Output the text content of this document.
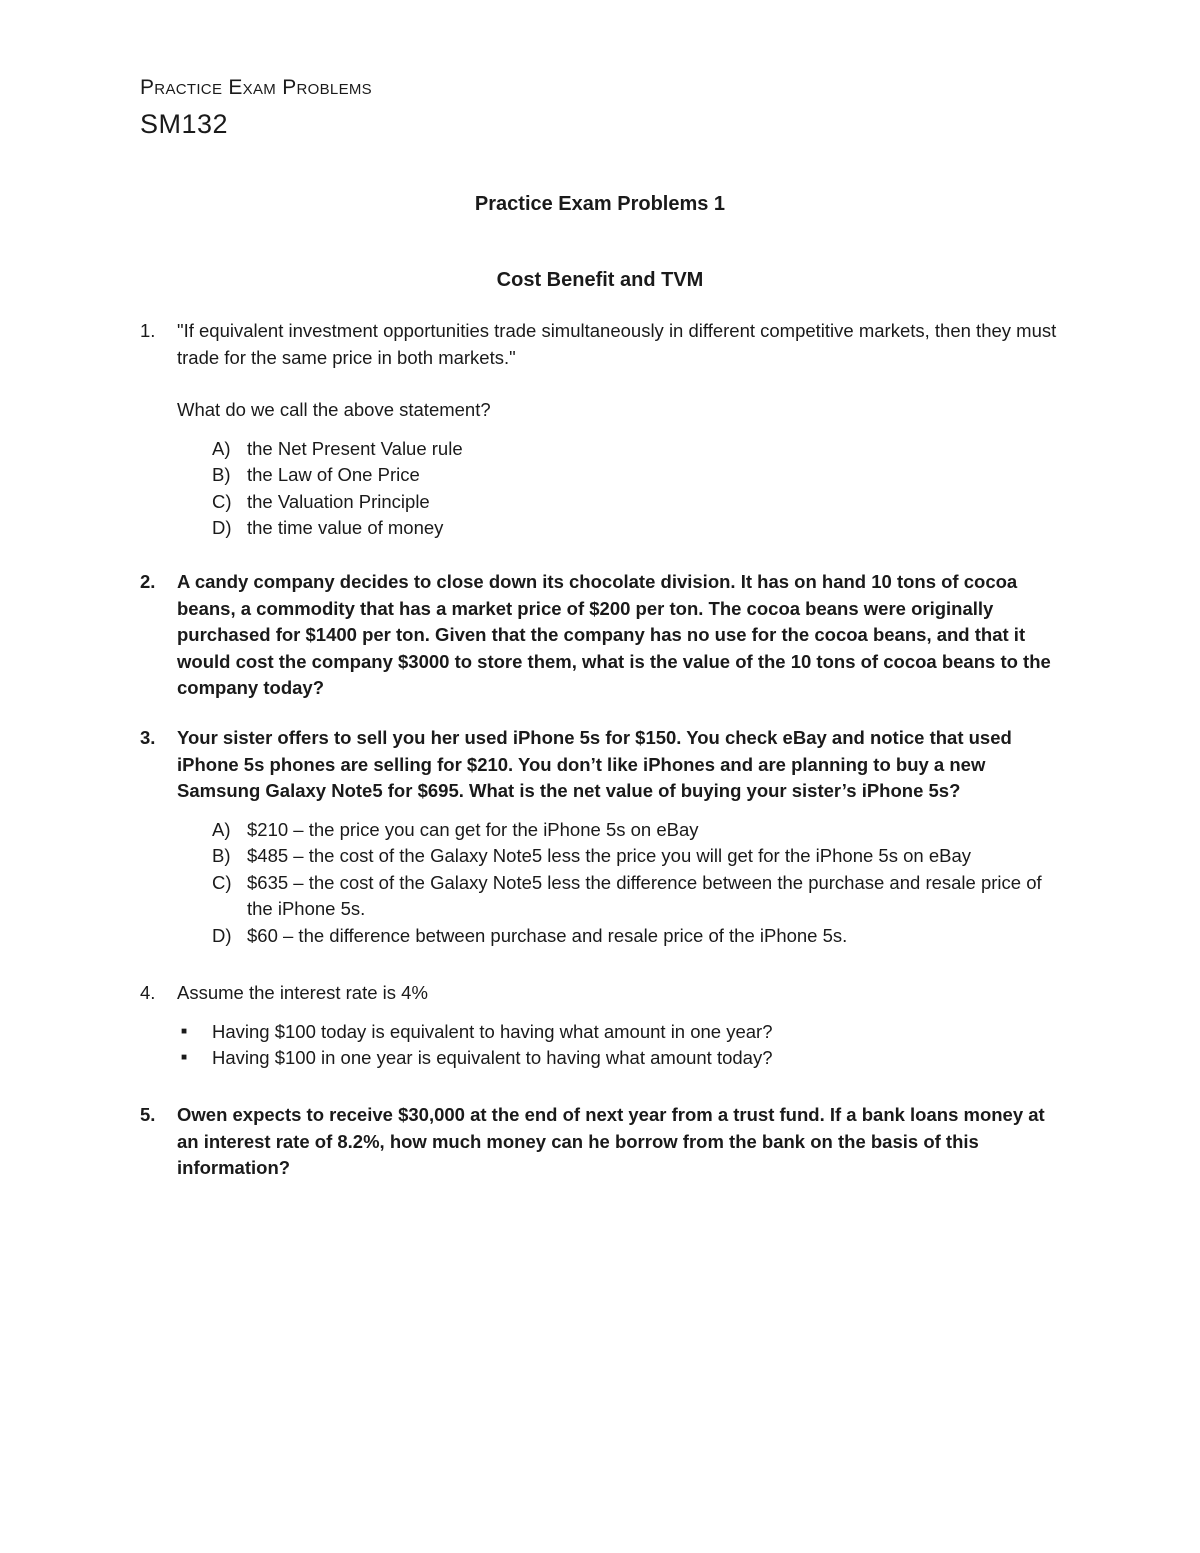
Practice Exam Problems
SM132
Practice Exam Problems 1
Cost Benefit and TVM
1. "If equivalent investment opportunities trade simultaneously in different competitive markets, then they must trade for the same price in both markets."

What do we call the above statement?

A) the Net Present Value rule
B) the Law of One Price
C) the Valuation Principle
D) the time value of money
2. A candy company decides to close down its chocolate division. It has on hand 10 tons of cocoa beans, a commodity that has a market price of $200 per ton. The cocoa beans were originally purchased for $1400 per ton. Given that the company has no use for the cocoa beans, and that it would cost the company $3000 to store them, what is the value of the 10 tons of cocoa beans to the company today?

3. Your sister offers to sell you her used iPhone 5s for $150. You check eBay and notice that used iPhone 5s phones are selling for $210. You don’t like iPhones and are planning to buy a new Samsung Galaxy Note5 for $695. What is the net value of buying your sister’s iPhone 5s?

A) $210 – the price you can get for the iPhone 5s on eBay
B) $485 – the cost of the Galaxy Note5 less the price you will get for the iPhone 5s on eBay
C) $635 – the cost of the Galaxy Note5 less the difference between the purchase and resale price of the iPhone 5s.
D) $60 – the difference between purchase and resale price of the iPhone 5s.
4. Assume the interest rate is 4%

■ Having $100 today is equivalent to having what amount in one year?
■ Having $100 in one year is equivalent to having what amount today?
5. Owen expects to receive $30,000 at the end of next year from a trust fund. If a bank loans money at an interest rate of 8.2%, how much money can he borrow from the bank on the basis of this information?
